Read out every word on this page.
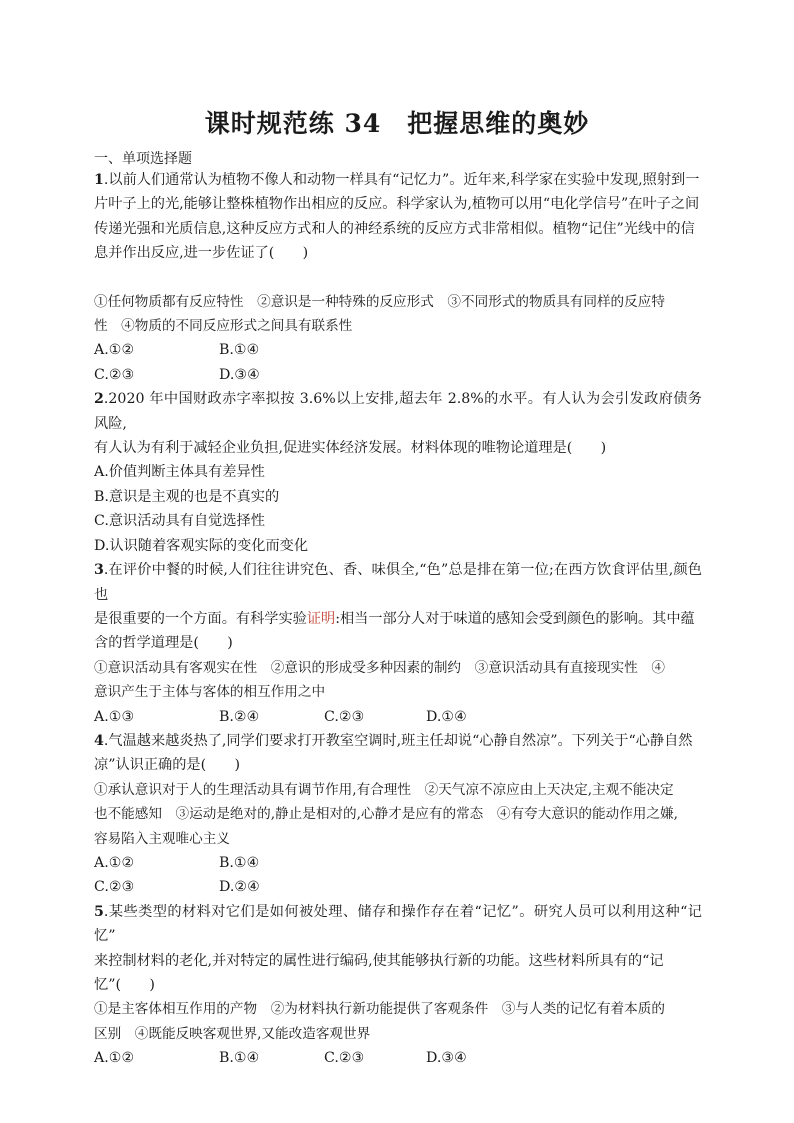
课时规范练 34　把握思维的奥妙
一、单项选择题

1.以前人们通常认为植物不像人和动物一样具有“记忆力”。近年来,科学家在实验中发现,照射到一

片叶子上的光,能够让整株植物作出相应的反应。科学家认为,植物可以用“电化学信号”在叶子之间

传递光强和光质信息,这种反应方式和人的神经系统的反应方式非常相似。植物“记住”光线中的信

息并作出反应,进一步佐证了(　　)

①任何物质都有反应特性　②意识是一种特殊的反应形式　③不同形式的物质具有同样的反应特

性　④物质的不同反应形式之间具有联系性

A.①②	B.①④

C.②③	D.③④

2.2020 年中国财政赤字率拟按 3.6%以上安排,超去年 2.8%的水平。有人认为会引发政府债务风险,

有人认为有利于减轻企业负担,促进实体经济发展。材料体现的唯物论道理是(　　)

A.价值判断主体具有差异性

B.意识是主观的也是不真实的

C.意识活动具有自觉选择性

D.认识随着客观实际的变化而变化

3.在评价中餐的时候,人们往往讲究色、香、味俱全,“色”总是排在第一位;在西方饮食评估里,颜色也

是很重要的一个方面。有科学实验证明:相当一部分人对于味道的感知会受到颜色的影响。其中蕴

含的哲学道理是(　　)

①意识活动具有客观实在性　②意识的形成受多种因素的制约　③意识活动具有直接现实性　④

意识产生于主体与客体的相互作用之中

A.①③	B.②④	C.②③	D.①④

4.气温越来越炎热了,同学们要求打开教室空调时,班主任却说“心静自然凉”。下列关于“心静自然

凉”认识正确的是(　　)

①承认意识对于人的生理活动具有调节作用,有合理性　②天气凉不凉应由上天决定,主观不能决定

也不能感知　③运动是绝对的,静止是相对的,心静才是应有的常态　④有夸大意识的能动作用之嫌,

容易陷入主观唯心主义

A.①②	B.①④

C.②③	D.②④

5.某些类型的材料对它们是如何被处理、储存和操作存在着“记忆”。研究人员可以利用这种“记忆”

来控制材料的老化,并对特定的属性进行编码,使其能够执行新的功能。这些材料所具有的“记

忆”(　　)

①是主客体相互作用的产物　②为材料执行新功能提供了客观条件　③与人类的记忆有着本质的

区别　④既能反映客观世界,又能改造客观世界

A.①②	B.①④	C.②③	D.③④
